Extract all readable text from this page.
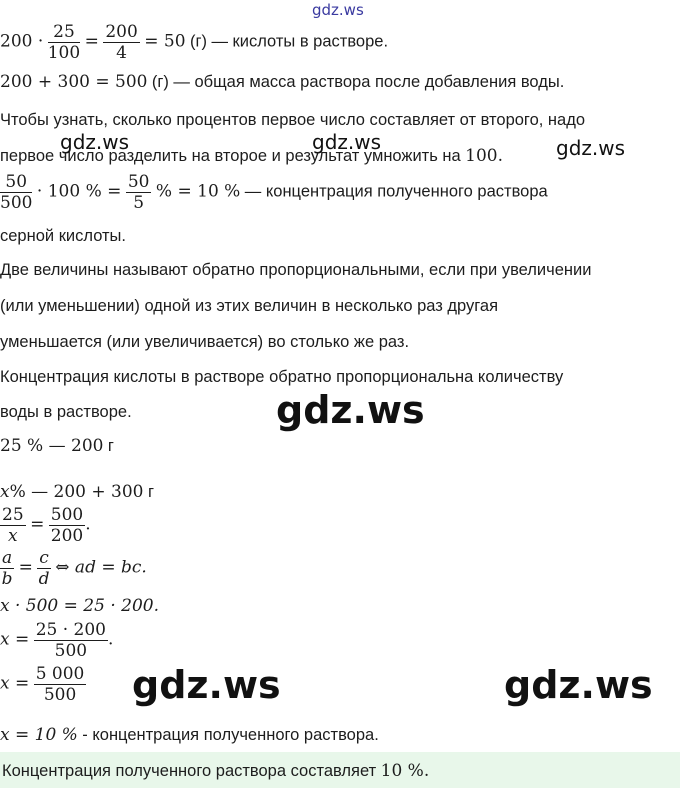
gdz.ws
gdz.ws	gdz.ws	gdz.ws
gdz.ws
gdz.ws	gdz.ws
$200 \cdot \frac{25}{100} = \frac{200}{4} = 50$ (г) — кислоты в растворе.
200 + 300 = 500 (г) — общая масса раствора после добавления воды.
Чтобы узнать, сколько процентов первое число составляет от второго, надо
первое число разделить на второе и результат умножить на 100.
$\frac{50}{500} \cdot 100$ % = $\frac{50}{5}$ % = 10 % — концентрация полученного раствора
серной кислоты.
Две величины называют обратно пропорциональными, если при увеличении
(или уменьшении) одной из этих величин в несколько раз другая
уменьшается (или увеличивается) во столько же раз.
Концентрация кислоты в растворе обратно пропорциональна количеству
воды в растворе.
25 % — 200 г
x% — 200 + 300 г
$\frac{25}{x} = \frac{500}{200}$ .
$\frac{a}{b} = \frac{c}{d}$ ⇔ ad = bc.
x · 500 = 25 · 200.
$x = \frac{25 \cdot 200}{500}$ .
$x = \frac{5 000}{500}$
x = 10 % - концентрация полученного раствора.
Концентрация полученного раствора составляет 10 %.
